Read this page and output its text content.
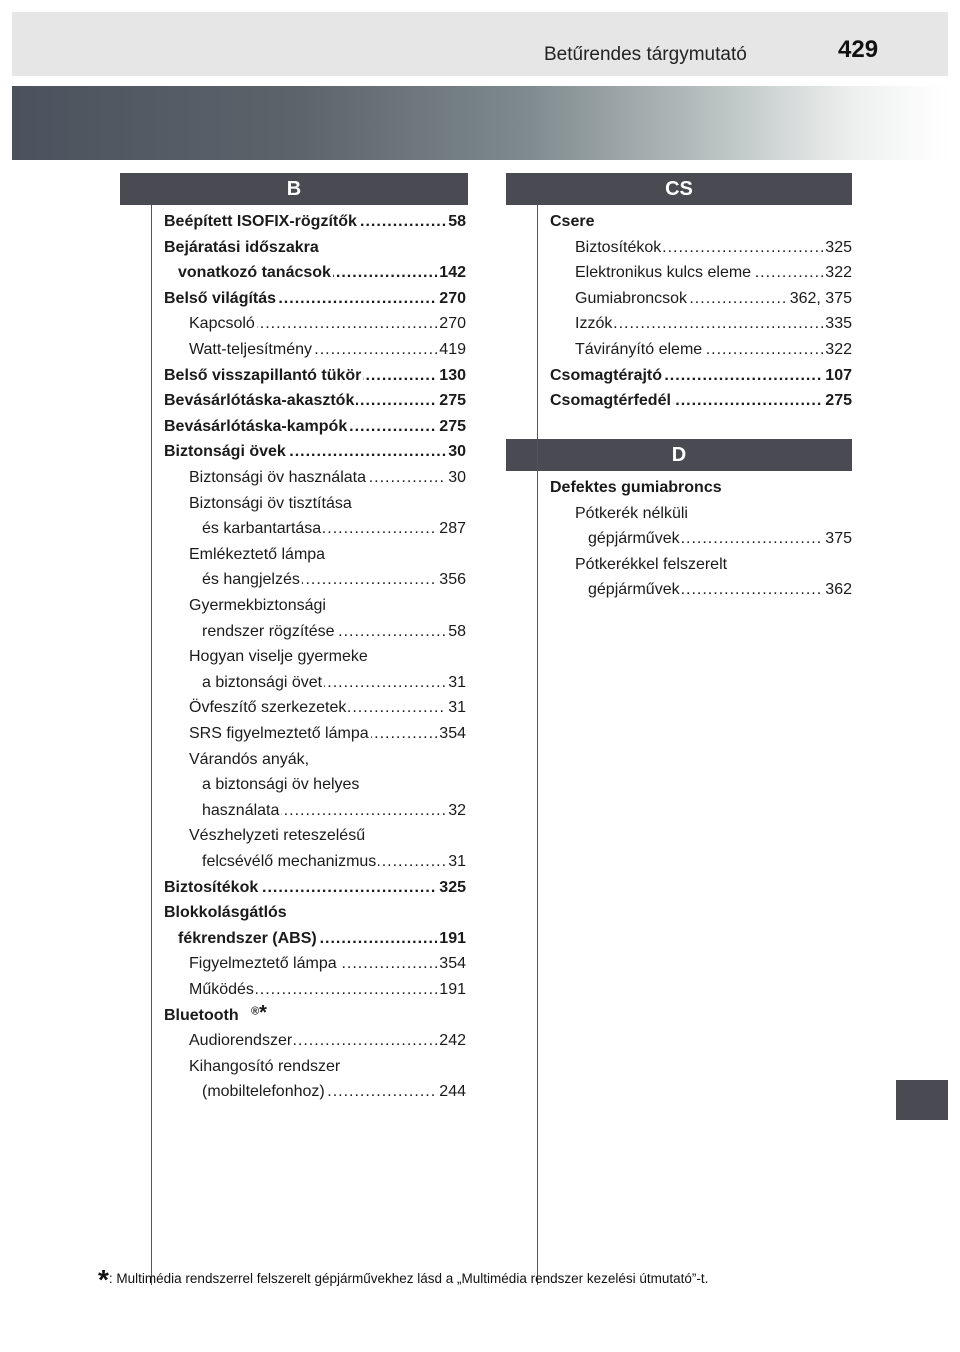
Betűrendes tárgymutató	429
B	CS
D
.....
Beépített ISOFIX-rögzítők	58
Bejáratási időszakra
.....
vonatkozó tanácsok	142
.....
Belső világítás	270
.....
Kapcsoló	270
.....
Watt-teljesítmény	419
.....
Belső visszapillantó tükör	130
.....
Bevásárlótáska-akasztók	275
.....
Bevásárlótáska-kampók	275
.....
Biztonsági övek	30
.....
Biztonsági öv használata	30
Biztonsági öv tisztítása
.....
és karbantartása	287
Emlékeztető lámpa
.....
és hangjelzés	356
Gyermekbiztonsági
.....
rendszer rögzítése	58
Hogyan viselje gyermeke
.....
a biztonsági övet	31
.....
Övfeszítő szerkezetek	31
.....
SRS figyelmeztető lámpa	354
Várandós anyák,
a biztonsági öv helyes
.....
használata	32
Vészhelyzeti reteszelésű
.....
felcsévélő mechanizmus	31
.....
Biztosítékok	325
Blokkolásgátlós
.....
fékrendszer (ABS)	191
.....
Figyelmeztető lámpa	354
.....
Működés	191
Bluetooth ®*
.....
Audiorendszer	242
Kihangosító rendszer
.....
(mobiltelefonhoz)	244
Csere
.....
Biztosítékok	325
.....
Elektronikus kulcs eleme	322
.....
Gumiabroncsok	362, 375
.....
Izzók	335
.....
Távirányító eleme	322
.....
Csomagtérajtó	107
.....
Csomagtérfedél	275
Defektes gumiabroncs
Pótkerék nélküli
.....
gépjárművek	375
Pótkerékkel felszerelt
.....
gépjárművek	362
*: Multimédia rendszerrel felszerelt gépjárművekhez lásd a „Multimédia rendszer kezelési útmutató”-t.
